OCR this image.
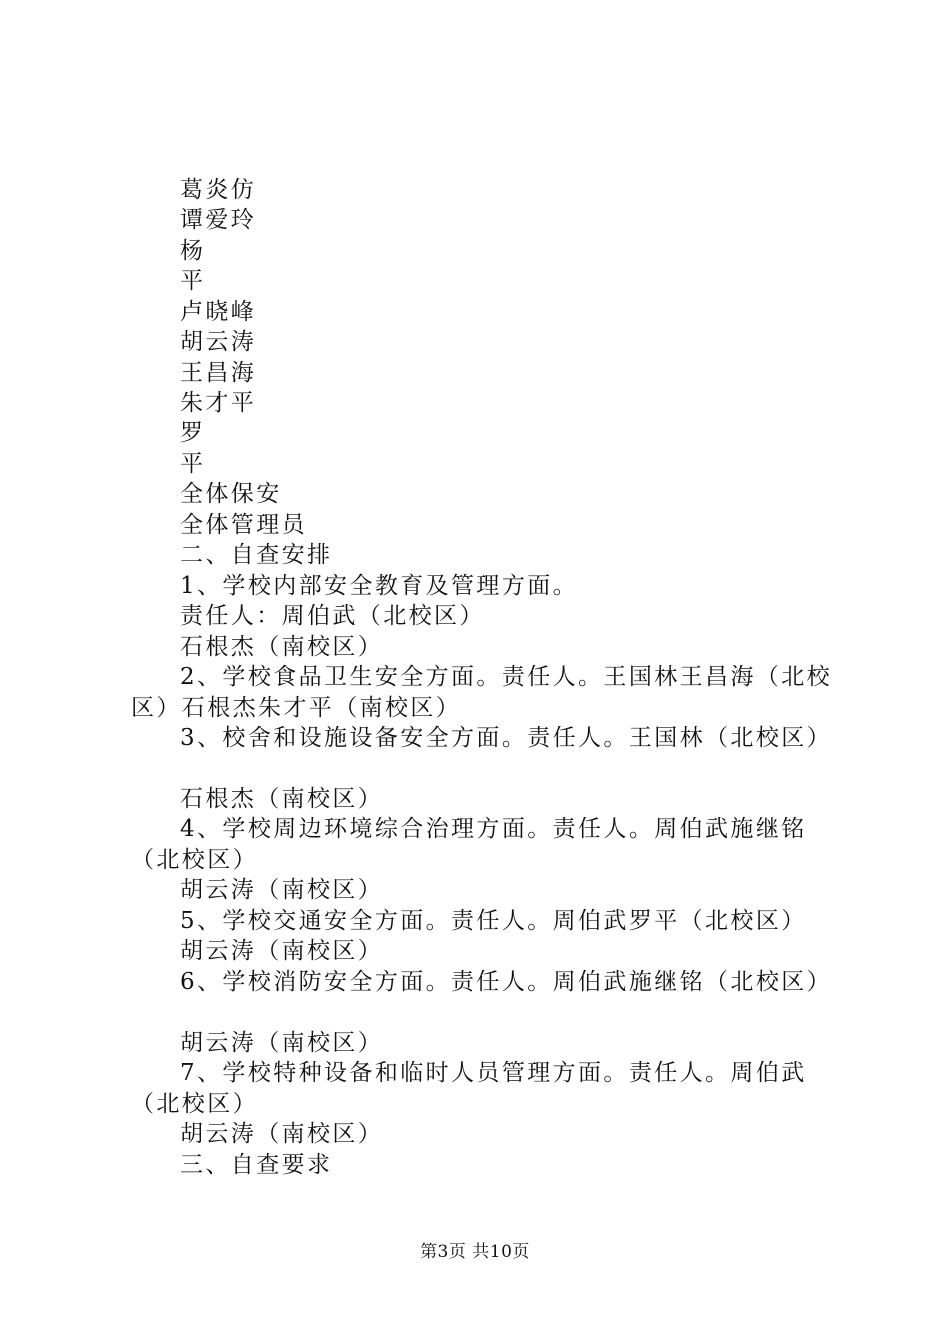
葛炎仿
谭爱玲
杨
平
卢晓峰
胡云涛
王昌海
朱才平
罗
平
全体保安
全体管理员
二、自查安排
1、学校内部安全教育及管理方面。
责任人：周伯武（北校区）
石根杰（南校区）
2、学校食品卫生安全方面。责任人。王国林王昌海（北校
区）石根杰朱才平（南校区）
3、校舍和设施设备安全方面。责任人。王国林（北校区）
石根杰（南校区）
4、学校周边环境综合治理方面。责任人。周伯武施继铭
（北校区）
胡云涛（南校区）
5、学校交通安全方面。责任人。周伯武罗平（北校区）
胡云涛（南校区）
6、学校消防安全方面。责任人。周伯武施继铭（北校区）
胡云涛（南校区）
7、学校特种设备和临时人员管理方面。责任人。周伯武
（北校区）
胡云涛（南校区）
三、自查要求
第3页 共10页
